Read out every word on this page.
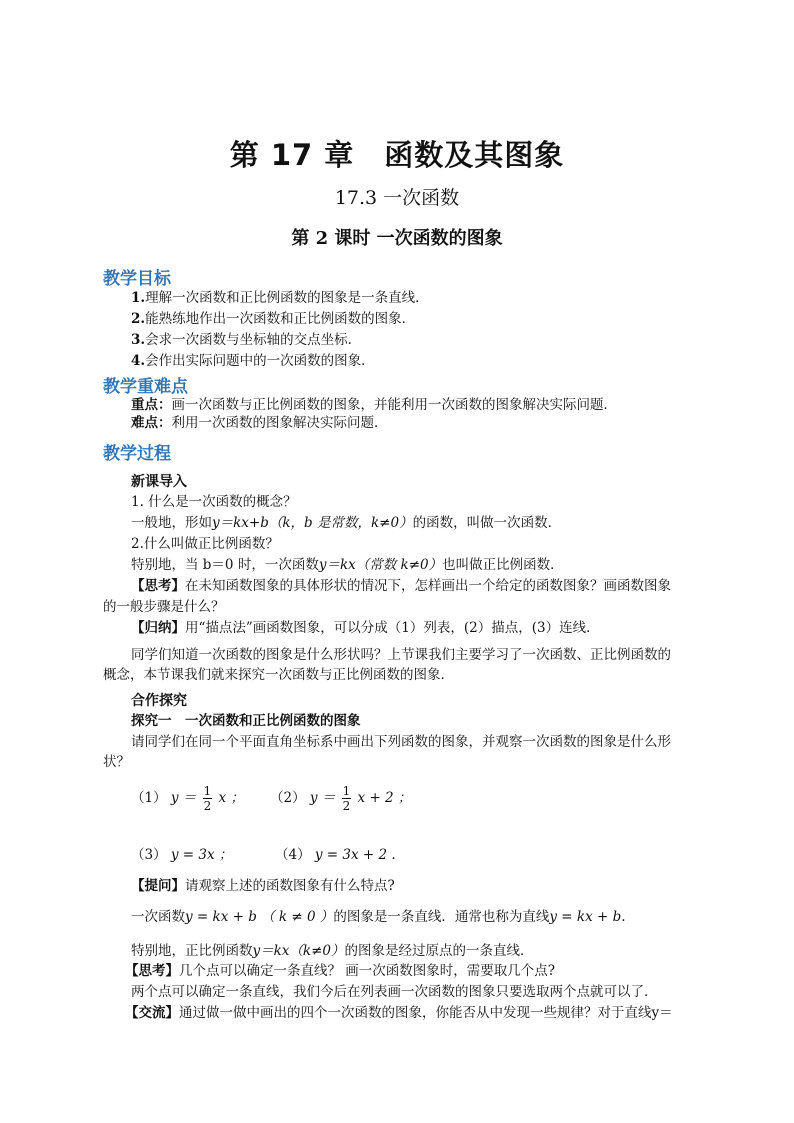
第 17 章　函数及其图象
17.3 一次函数
第 2 课时 一次函数的图象
教学目标
1.理解一次函数和正比例函数的图象是一条直线．
2.能熟练地作出一次函数和正比例函数的图象．
3.会求一次函数与坐标轴的交点坐标．
4.会作出实际问题中的一次函数的图象．
教学重难点
重点：画一次函数与正比例函数的图象，并能利用一次函数的图象解决实际问题．
难点：利用一次函数的图象解决实际问题．
教学过程
新课导入
1. 什么是一次函数的概念？
一般地，形如y＝kx+b（k，b 是常数，k≠0）的函数，叫做一次函数．
2.什么叫做正比例函数？
特别地，当 b＝0 时，一次函数y＝kx（常数 k≠0）也叫做正比例函数．
【思考】在未知函数图象的具体形状的情况下，怎样画出一个给定的函数图象？画函数图象
的一般步骤是什么？
【归纳】用“描点法”画函数图象，可以分成（1）列表，(2）描点，(3）连线．
同学们知道一次函数的图象是什么形状吗？上节课我们主要学习了一次函数、正比例函数的
概念，本节课我们就来探究一次函数与正比例函数的图象．
合作探究
探究一　一次函数和正比例函数的图象
请同学们在同一个平面直角坐标系中画出下列函数的图象，并观察一次函数的图象是什么形
状？
（1） $y = \frac{1}{2}$ x ； （2） $y = \frac{1}{2}$ x + 2 ；
（3） y = 3x ；	（4） y = 3x + 2 .
【提问】请观察上述的函数图象有什么特点?
一次函数y = kx + b （ k ≠ 0 ）的图象是一条直线．通常也称为直线y = kx + b.
特别地，正比例函数y＝kx（k≠0）的图象是经过原点的一条直线．
【思考】几个点可以确定一条直线？ 画一次函数图象时，需要取几个点?
两个点可以确定一条直线，我们今后在列表画一次函数的图象只要选取两个点就可以了．
【交流】通过做一做中画出的四个一次函数的图象，你能否从中发现一些规律？对于直线y＝
